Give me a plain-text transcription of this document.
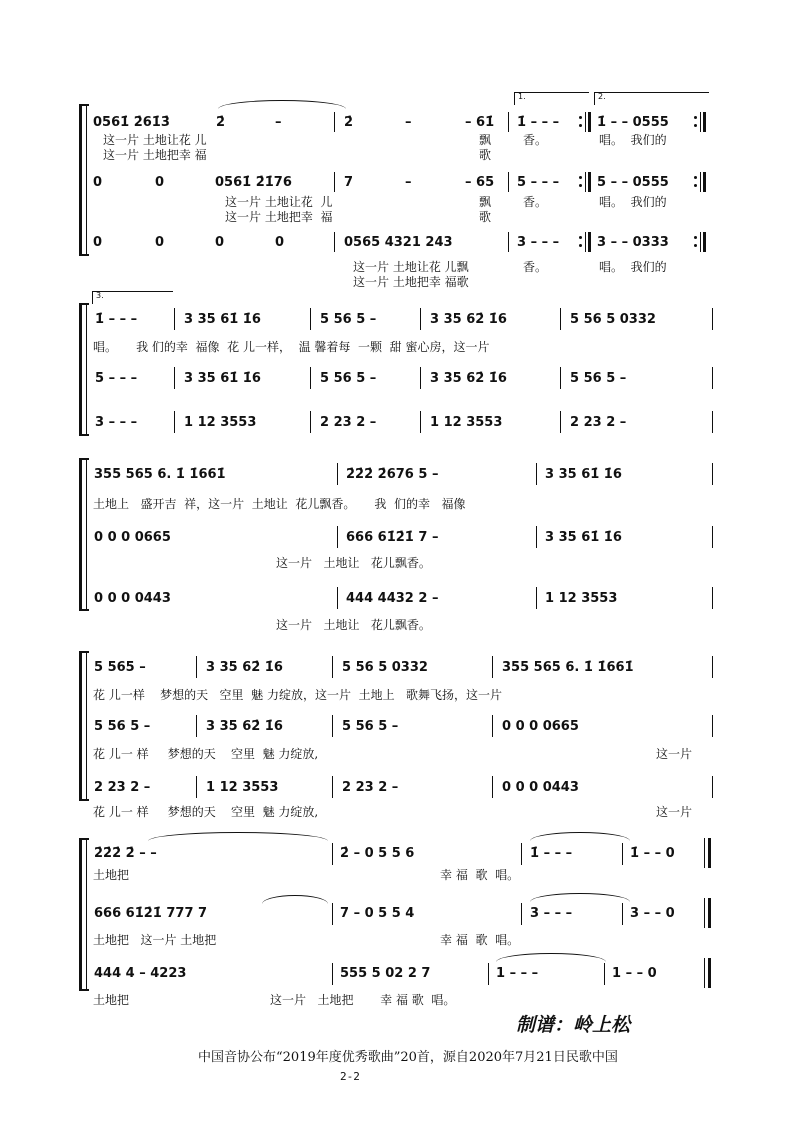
1.	2.
0561̇ 2̇61̇3̇	2̇	–	2̇	–	– 61̇ 1̇ – – –	1̇ – – 0555
这一片 土地让花 儿
这一片 土地把幸 福
飘
歌
香。	唱。  我们的
0	0	0561̇ 2̇1̇76	7	–	– 65 5 – – –	5 – – 0555
这一片 土地让花  儿
这一片 土地把幸  福
飘
歌
香。	唱。  我们的
0	0	0	0	0565 4321 243	3 – – –	3 – – 0333
这一片 土地让花 儿飘
这一片 土地把幸 福歌
香。	唱。  我们的
3.
1̇ – – –	3 35 61̇ 1̇6	5 56 5 –	3 35 62̇ 1̇6	5 56 5 0332
唱。     我 们的幸  福像  花 儿一样，  温 馨着每  一颗  甜 蜜心房，这一片
5 – – –	3 35 61̇ 1̇6	5 56 5 –	3 35 62̇ 1̇6	5 56 5 –
3 – – –	1 12 3553	2 23 2 –	1 12 3553	2 23 2 –
355 565 6. 1̇ 1̇661̇	2̇2̇2̇ 2̇676 5 –	3 35 61̇ 1̇6
土地上   盛开吉  祥，这一片  土地让  花儿飘香。     我  们的幸   福像
0 0 0 0665	666 61̇2̇1̇ 7 –	3 35 61̇ 1̇6
这一片   土地让   花儿飘香。
0 0 0 0443	444 4432 2 –	1 12 3553
这一片   土地让   花儿飘香。
5 565 –	3 35 62̇ 1̇6	5 56 5 0332	355 565 6. 1̇ 1̇661̇
花 儿一样    梦想的天   空里  魅 力绽放，这一片  土地上   歌舞飞扬，这一片
5 56 5 –	3 35 62̇ 1̇6	5 56 5 –	0 0 0 0665
花 儿一 样     梦想的天    空里  魅 力绽放,	这一片
2 23 2 –	1 12 3553	2 23 2 –	0 0 0 0443
花 儿一 样     梦想的天    空里  魅 力绽放,	这一片
2̇2̇2̇ 2̇ – –	2̇ – 0 5 5 6	1̇ – – –	1̇ – – 0
土地把	幸 福  歌  唱。
666 61̇2̇1̇ 777 7	7 – 0 5 5 4	3 – – –	3 – – 0
土地把   这一片 土地把	幸 福  歌  唱。
444 4 – 4223	555 5 02 2 7	1 – – –	1 – – 0
土地把	这一片   土地把       幸 福 歌  唱。
制谱：岭上松
中国音协公布“2019年度优秀歌曲”20首，源自2020年7月21日民歌中国
2-2
